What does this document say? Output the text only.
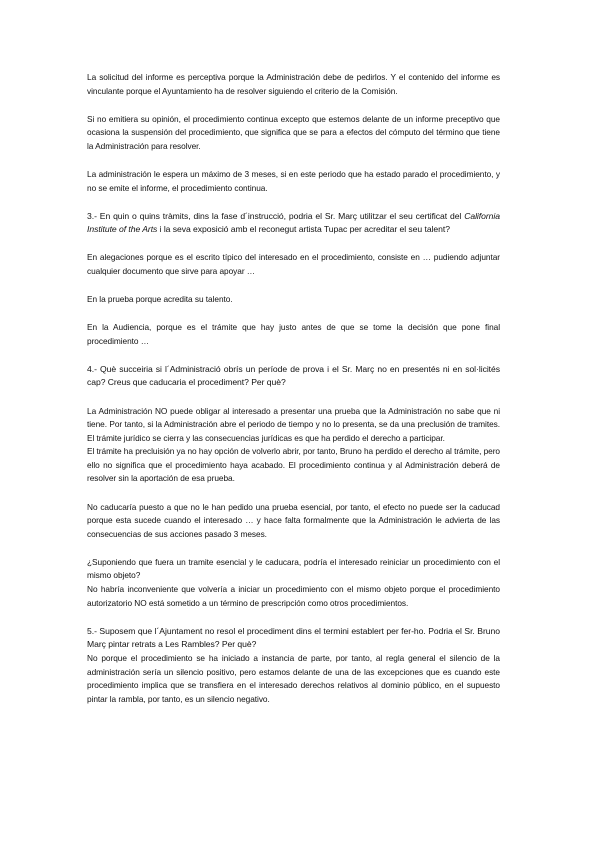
La solicitud del informe es perceptiva porque la Administración debe de pedirlos. Y el contenido del informe es vinculante porque el Ayuntamiento ha de resolver siguiendo el criterio de la Comisión.

Si no emitiera su opinión, el procedimiento continua excepto que estemos delante de un informe preceptivo que ocasiona la suspensión del procedimiento, que significa que se para a efectos del cómputo del término que tiene la Administración para resolver.

La administración le espera un máximo de 3 meses, si en este periodo que ha estado parado el procedimiento, y no se emite el informe, el procedimiento continua.

3.- En quin o quins tràmits, dins la fase d´instrucció, podria el Sr. Març utilitzar el seu certificat del California Institute of the Arts i la seva exposició amb el reconegut artista Tupac per acreditar el seu talent?

En alegaciones porque es el escrito típico del interesado en el procedimiento, consiste en … pudiendo adjuntar cualquier documento que sirve para apoyar …

En la prueba porque acredita su talento.

En la Audiencia, porque es el trámite que hay justo antes de que se tome la decisión que pone final procedimiento …

4.- Què succeiria si l´Administració obrís un període de prova i el Sr. Març no en presentés ni en sol·licités cap? Creus que caducaria el procediment? Per què?

La Administración NO puede obligar al interesado a presentar una prueba que la Administración no sabe que ni tiene. Por tanto, si la Administración abre el periodo de tiempo y no lo presenta, se da una preclusión de tramites. El trámite jurídico se cierra y las consecuencias jurídicas es que ha perdido el derecho a participar.
El trámite ha precluisión ya no hay opción de volverlo abrir, por tanto, Bruno ha perdido el derecho al trámite, pero ello no significa que el procedimiento haya acabado. El procedimiento continua y al Administración deberá de resolver sin la aportación de esa prueba.

No caducaría puesto a que no le han pedido una prueba esencial, por tanto, el efecto no puede ser la caducad porque esta sucede cuando el interesado … y hace falta formalmente que la Administración le advierta de las consecuencias de sus acciones pasado 3 meses.

¿Suponiendo que fuera un tramite esencial y le caducara, podría el interesado reiniciar un procedimiento con el mismo objeto?

No habría inconveniente que volvería a iniciar un procedimiento con el mismo objeto porque el procedimiento autorizatorio NO está sometido a un término de prescripción como otros procedimientos.

5.- Suposem que l´Ajuntament no resol el procediment dins el termini establert per fer-ho. Podria el Sr. Bruno Març pintar retrats a Les Rambles? Per què?

No porque el procedimiento se ha iniciado a instancia de parte, por tanto, al regla general el silencio de la administración sería un silencio positivo, pero estamos delante de una de las excepciones que es cuando este procedimiento implica que se transfiera en el interesado derechos relativos al dominio público, en el supuesto pintar la rambla, por tanto, es un silencio negativo.
